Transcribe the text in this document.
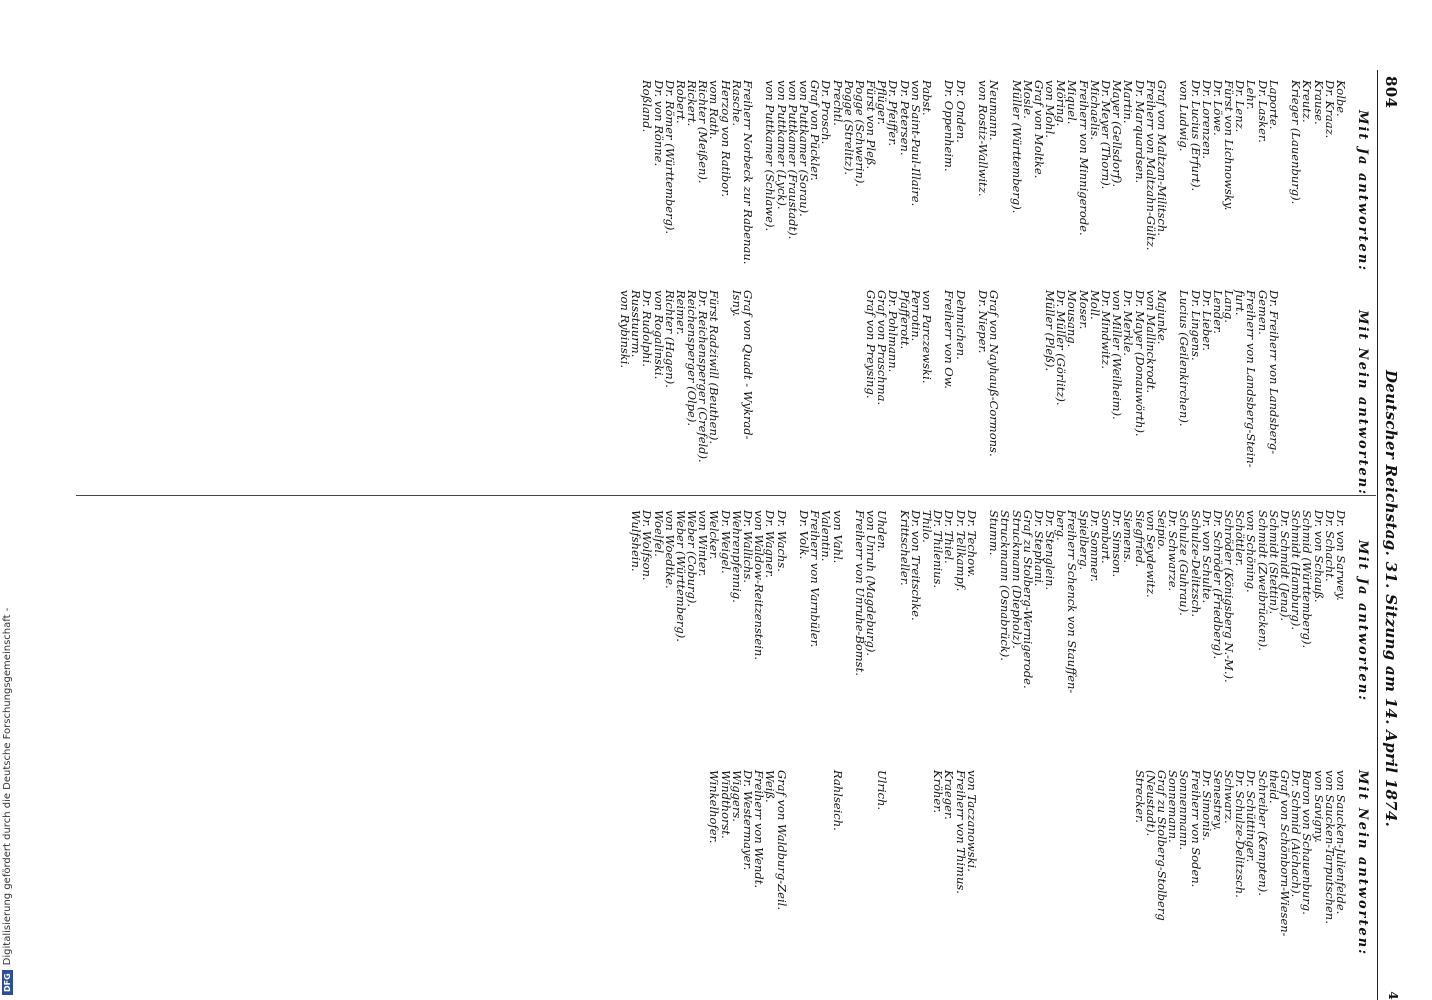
804
Deutscher Reichstag. 31. Sitzung am 14. April 1874.
4
Mit Ja antworten:
Mit Nein antworten:
Mit Ja antworten:
Mit Nein antworten:
Kolbe.
Dr. Kraaz.
Krause.
Kreutz.
Krieger (Lauenburg).
Laporte.
Dr. Lasker.
Lehr.
Dr. Lenz.
Fürst von Lichnowsky.
Dr. Löwe.
Dr. Lorenzen.
Dr. Lucius (Erfurt).
von Ludwig.
Graf von Maltzan-Militsch.
Freiherr von Maltzahn-Gültz.
Dr. Marquardsen.
Martin.
Mayer (Gellsdorf).
Dr. Meyer (Thorn).
Michaelis.
Freiherr von Minnigerode.
Miquel.
Möring.
von Mohl.
Graf von Moltke.
Mosle.
Müller (Württemberg).
Neumann.
von Rostiz-Wallwitz.
Dr. Onden.
Dr. Oppenheim.
Pabst.
von Saint-Paul-Illaire.
Dr. Petersen.
Dr. Pfeiffer.
Pflüger.
Fürst von Pleß.
Pogge (Schwerin).
Pogge (Strelitz).
Prechtl.
Dr. Prosch.
Graf von Pückler.
von Puttkamer (Sorau).
von Puttkamer (Fraustadt).
von Puttkamer (Lyck).
von Puttkamer (Schlawe).
Freiherr Norbeck zur Rabenau.
Rasche.
Herzog von Ratibor.
vom Rath.
Richter (Meißen).
Rickert.
Robert.
Dr. Römer (Württemberg).
Dr. von Rönne.
Roßland.
Dr. Freiherr von Landsberg-
Gemen.
Freiherr von Landsberg-Stein-
furt.
Lang.
Lender.
Dr. Lieber.
Dr. Lingens.
Lucius (Geilenkirchen).
Majunke.
von Mallinckrodt.
Dr. Mayer (Donauwörth).
Dr. Merkle.
von Miller (Weilheim).
Dr. Mindwitz.
Moll.
Moser.
Mousang.
Dr. Müller (Görlitz).
Müller (Pleß).
Graf von Nayhauß-Cormons.
Dr. Nieper.
Dehmichen.
Freiherr von Ow.
von Parczewski.
Perrotin.
Pfafferott.
Dr. Pohlmann.
Graf von Praschma.
Graf von Preysing.
Graf von Quadt - Wykrad-
Isny.
Fürst Radziwill (Beuthen).
Dr. Reichensperger (Crefeld).
Reichensperger (Olpe).
Reimer.
Richter (Hagen).
von Rogalinski.
Dr. Rudolphi.
Russtuurm.
von Rybinski.
Dr. von Sarwey.
Dr. Schacht.
Dr. von Schauß.
Schmid (Württemberg).
Schmidt (Hamburg).
Dr. Schmidt (Jena).
Schmidt (Stettin).
Schmidt (Zweibrücken).
von Schöning.
Schöttler.
Schröder (Königsberg N.-M.).
Dr. Schröder (Friedberg).
Dr. von Schulte.
Schulze-Delitzsch.
Schulze (Guhrau).
Dr. Schwarze.
Seipio.
von Seydewitz.
Siegfried.
Siemens.
Dr. Simson.
Sombart.
Dr. Sommer.
Spielberg.
Freiherr Schenck von Stauffen-
berg.
Dr. Stenglein.
Dr. Stephani.
Graf zu Stolberg-Wernigerode.
Struckmann (Diepholz).
Struckmann (Osnabrück).
Stumm.
Dr. Techow.
Dr. Tellkampf.
Dr. Thiel.
Dr. Thilenius.
Thilo.
Dr. von Treitschke.
Krittscheller.
Uhden.
von Unruh (Magdeburg).
Freiherr von Unruhe-Bomst.
von Vahl.
Valentin.
Freiherr von Varnbüler.
Dr. Volk.
Dr. Wachs.
Dr. Wagner.
von Waldow-Reitzenstein.
Dr. Wallichs.
Wehrenpfennig.
Dr. Weigel.
Welcker.
von Winter.
Weber (Coburg).
Weber (Württemberg).
von Woedtke.
Woelfel.
Dr. Wolfson.
Wulfshein.
von Saucken-Julienfelde.
von Saucken-Tarputschen.
von Savigny.
Baron von Schauenburg.
Dr. Schmid (Aichach).
Graf von Schönborn-Wiesen-
theid.
Schreiber (Kempten).
Dr. Schüttinger.
Dr. Schulze-Delitzsch.
Schwarz.
Senestrey.
Dr. Simonis.
Freiherr von Soden.
Sonnenmann.
Sonnemann.
Graf zu Stolberg-Stolberg
(Neustadt).
Strecker.
von Taczanowski.
Freiherr von Thimus.
Kraeger.
Kröher.
Ulrich.
Rahlseich.
Graf von Waldburg-Zeil.
Weiß.
Freiherr von Wendt.
Dr. Westermayer.
Wiggers.
Windthorst.
Winkelhofer.
DFGDigitalisierung gefördert durch die Deutsche Forschungsgemeinschaft -
